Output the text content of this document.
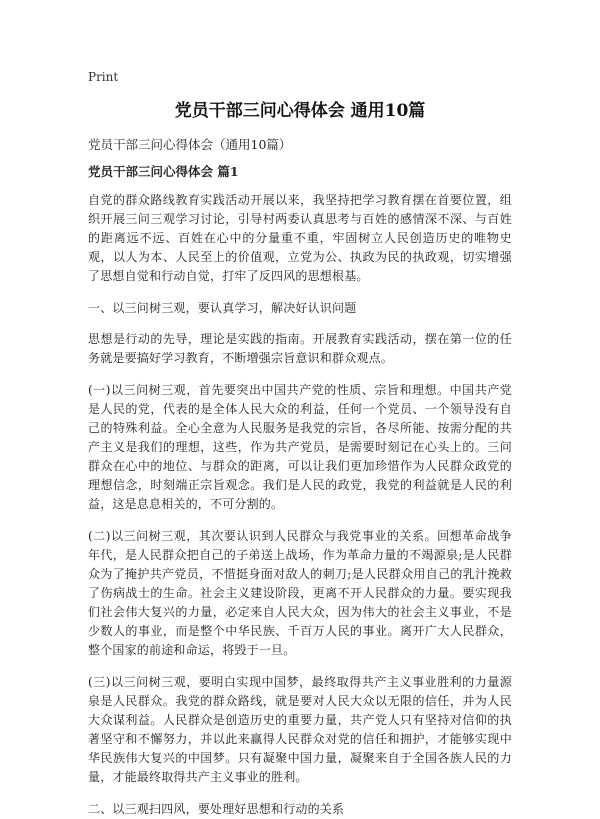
Print
党员干部三问心得体会 通用10篇

党员干部三问心得体会（通用10篇）

党员干部三问心得体会 篇1

自党的群众路线教育实践活动开展以来，我坚持把学习教育摆在首要位置，组织开展三问三观学习讨论，引导村两委认真思考与百姓的感情深不深、与百姓的距离远不远、百姓在心中的分量重不重，牢固树立人民创造历史的唯物史观，以人为本、人民至上的价值观，立党为公、执政为民的执政观，切实增强了思想自觉和行动自觉，打牢了反四风的思想根基。

一、以三问树三观，要认真学习，解决好认识问题

思想是行动的先导，理论是实践的指南。开展教育实践活动，摆在第一位的任务就是要搞好学习教育，不断增强宗旨意识和群众观点。

(一)以三问树三观，首先要突出中国共产党的性质、宗旨和理想。中国共产党是人民的党，代表的是全体人民大众的利益，任何一个党员、一个领导没有自己的特殊利益。全心全意为人民服务是我党的宗旨，各尽所能、按需分配的共产主义是我们的理想，这些，作为共产党员，是需要时刻记在心头上的。三问群众在心中的地位、与群众的距离，可以让我们更加珍惜作为人民群众政党的理想信念，时刻端正宗旨观念。我们是人民的政党，我党的利益就是人民的利益，这是息息相关的，不可分割的。

(二)以三问树三观，其次要认识到人民群众与我党事业的关系。回想革命战争年代，是人民群众把自己的子弟送上战场，作为革命力量的不竭源泉;是人民群众为了掩护共产党员，不惜挺身面对敌人的刺刀;是人民群众用自己的乳汁挽救了伤病战士的生命。社会主义建设阶段，更离不开人民群众的力量。要实现我们社会伟大复兴的力量，必定来自人民大众，因为伟大的社会主义事业，不是少数人的事业，而是整个中华民族、千百万人民的事业。离开广大人民群众，整个国家的前途和命运，将毁于一旦。

(三)以三问树三观，要明白实现中国梦，最终取得共产主义事业胜利的力量源泉是人民群众。我党的群众路线，就是要对人民大众以无限的信任，并为人民大众谋利益。人民群众是创造历史的重要力量，共产党人只有坚持对信仰的执著坚守和不懈努力，并以此来赢得人民群众对党的信任和拥护，才能够实现中华民族伟大复兴的中国梦。只有凝聚中国力量，凝聚来自于全国各族人民的力量，才能最终取得共产主义事业的胜利。

二、以三观扫四风，要处理好思想和行动的关系
